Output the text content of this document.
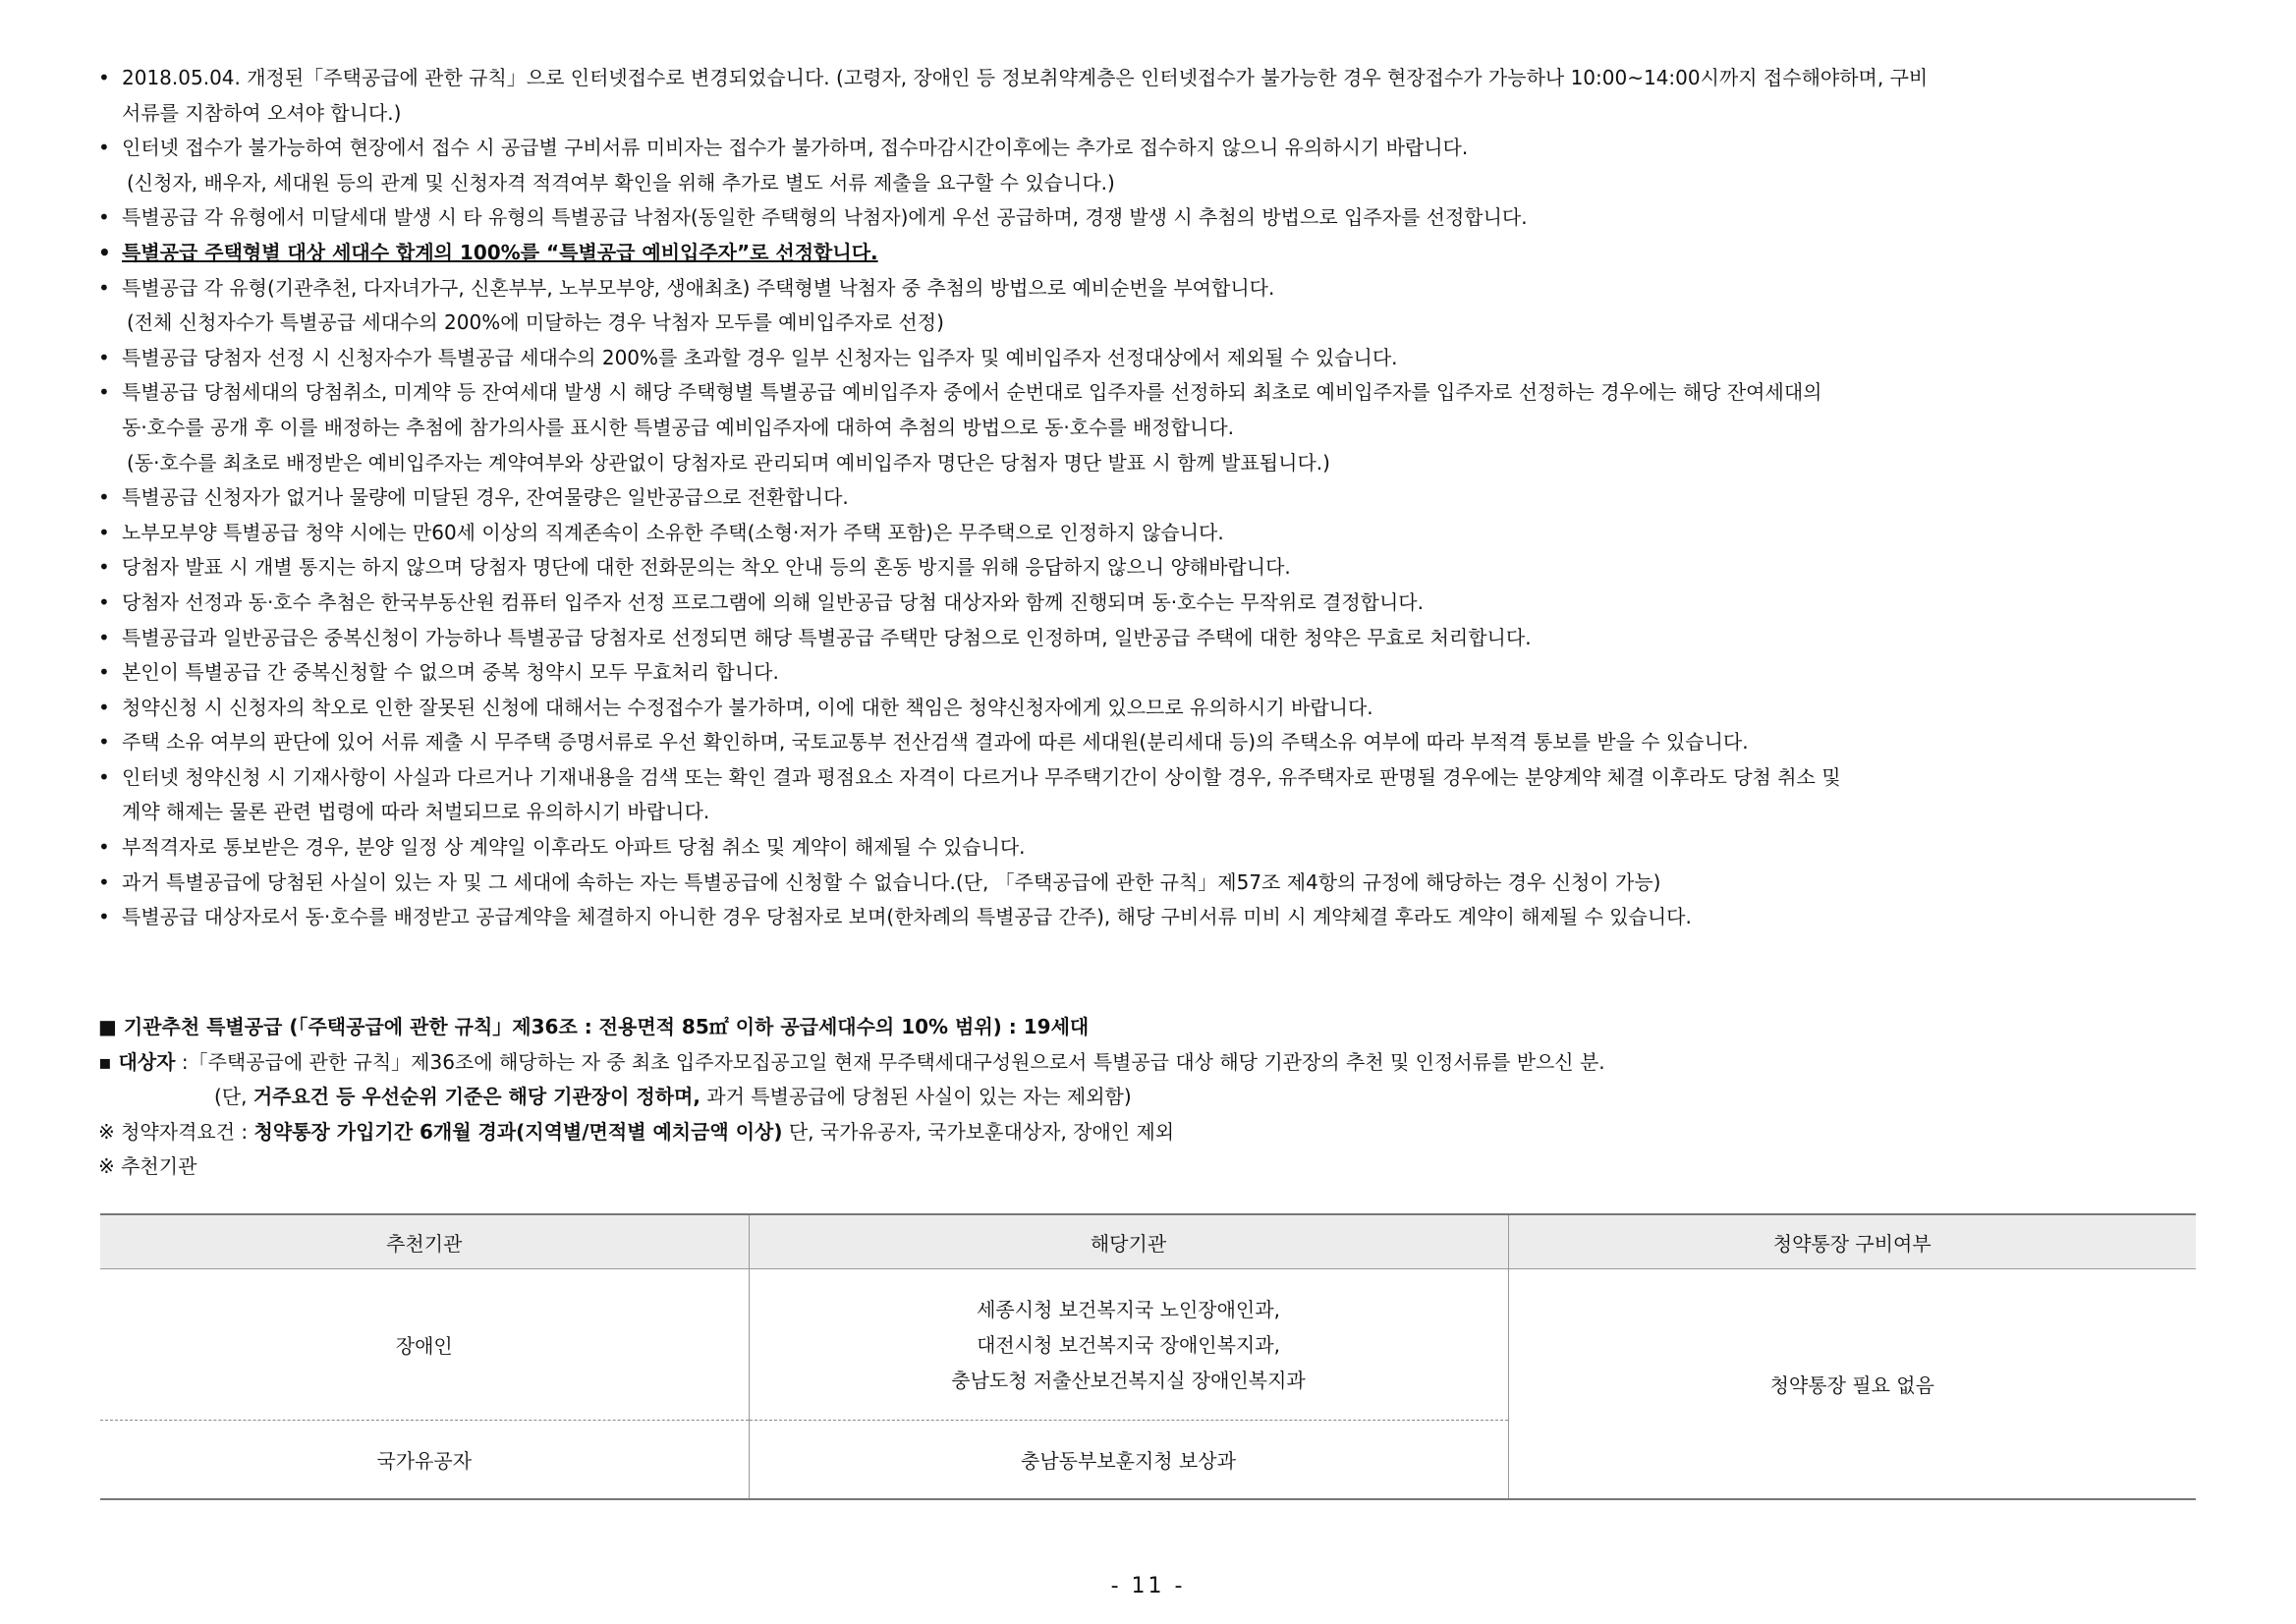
• 2018.05.04. 개정된「주택공급에 관한 규칙」으로 인터넷접수로 변경되었습니다. (고령자, 장애인 등 정보취약계층은 인터넷접수가 불가능한 경우 현장접수가 가능하나 10:00~14:00시까지 접수해야하며, 구비
서류를 지참하여 오셔야 합니다.)
• 인터넷 접수가 불가능하여 현장에서 접수 시 공급별 구비서류 미비자는 접수가 불가하며, 접수마감시간이후에는 추가로 접수하지 않으니 유의하시기 바랍니다.
(신청자, 배우자, 세대원 등의 관계 및 신청자격 적격여부 확인을 위해 추가로 별도 서류 제출을 요구할 수 있습니다.)
• 특별공급 각 유형에서 미달세대 발생 시 타 유형의 특별공급 낙첨자(동일한 주택형의 낙첨자)에게 우선 공급하며, 경쟁 발생 시 추첨의 방법으로 입주자를 선정합니다.
• 특별공급 주택형별 대상 세대수 합계의 100%를 “특별공급 예비입주자”로 선정합니다.
• 특별공급 각 유형(기관추천, 다자녀가구, 신혼부부, 노부모부양, 생애최초) 주택형별 낙첨자 중 추첨의 방법으로 예비순번을 부여합니다.
(전체 신청자수가 특별공급 세대수의 200%에 미달하는 경우 낙첨자 모두를 예비입주자로 선정)
• 특별공급 당첨자 선정 시 신청자수가 특별공급 세대수의 200%를 초과할 경우 일부 신청자는 입주자 및 예비입주자 선정대상에서 제외될 수 있습니다.
• 특별공급 당첨세대의 당첨취소, 미계약 등 잔여세대 발생 시 해당 주택형별 특별공급 예비입주자 중에서 순번대로 입주자를 선정하되 최초로 예비입주자를 입주자로 선정하는 경우에는 해당 잔여세대의
동·호수를 공개 후 이를 배정하는 추첨에 참가의사를 표시한 특별공급 예비입주자에 대하여 추첨의 방법으로 동·호수를 배정합니다.
(동·호수를 최초로 배정받은 예비입주자는 계약여부와 상관없이 당첨자로 관리되며 예비입주자 명단은 당첨자 명단 발표 시 함께 발표됩니다.)
• 특별공급 신청자가 없거나 물량에 미달된 경우, 잔여물량은 일반공급으로 전환합니다.
• 노부모부양 특별공급 청약 시에는 만60세 이상의 직계존속이 소유한 주택(소형·저가 주택 포함)은 무주택으로 인정하지 않습니다.
• 당첨자 발표 시 개별 통지는 하지 않으며 당첨자 명단에 대한 전화문의는 착오 안내 등의 혼동 방지를 위해 응답하지 않으니 양해바랍니다.
• 당첨자 선정과 동·호수 추첨은 한국부동산원 컴퓨터 입주자 선정 프로그램에 의해 일반공급 당첨 대상자와 함께 진행되며 동·호수는 무작위로 결정합니다.
• 특별공급과 일반공급은 중복신청이 가능하나 특별공급 당첨자로 선정되면 해당 특별공급 주택만 당첨으로 인정하며, 일반공급 주택에 대한 청약은 무효로 처리합니다.
• 본인이 특별공급 간 중복신청할 수 없으며 중복 청약시 모두 무효처리 합니다.
• 청약신청 시 신청자의 착오로 인한 잘못된 신청에 대해서는 수정접수가 불가하며, 이에 대한 책임은 청약신청자에게 있으므로 유의하시기 바랍니다.
• 주택 소유 여부의 판단에 있어 서류 제출 시 무주택 증명서류로 우선 확인하며, 국토교통부 전산검색 결과에 따른 세대원(분리세대 등)의 주택소유 여부에 따라 부적격 통보를 받을 수 있습니다.
• 인터넷 청약신청 시 기재사항이 사실과 다르거나 기재내용을 검색 또는 확인 결과 평점요소 자격이 다르거나 무주택기간이 상이할 경우, 유주택자로 판명될 경우에는 분양계약 체결 이후라도 당첨 취소 및
계약 해제는 물론 관련 법령에 따라 처벌되므로 유의하시기 바랍니다.
• 부적격자로 통보받은 경우, 분양 일정 상 계약일 이후라도 아파트 당첨 취소 및 계약이 해제될 수 있습니다.
• 과거 특별공급에 당첨된 사실이 있는 자 및 그 세대에 속하는 자는 특별공급에 신청할 수 없습니다.(단, 「주택공급에 관한 규칙」제57조 제4항의 규정에 해당하는 경우 신청이 가능)
• 특별공급 대상자로서 동·호수를 배정받고 공급계약을 체결하지 아니한 경우 당첨자로 보며(한차례의 특별공급 간주), 해당 구비서류 미비 시 계약체결 후라도 계약이 해제될 수 있습니다.
■ 기관추천 특별공급 (「주택공급에 관한 규칙」제36조 : 전용면적 85㎡ 이하 공급세대수의 10% 범위) : 19세대
▪ 대상자 :「주택공급에 관한 규칙」제36조에 해당하는 자 중 최초 입주자모집공고일 현재 무주택세대구성원으로서 특별공급 대상 해당 기관장의 추천 및 인정서류를 받으신 분.
(단, 거주요건 등 우선순위 기준은 해당 기관장이 정하며, 과거 특별공급에 당첨된 사실이 있는 자는 제외함)
※ 청약자격요건 : 청약통장 가입기간 6개월 경과(지역별/면적별 예치금액 이상) 단, 국가유공자, 국가보훈대상자, 장애인 제외
※ 추천기관
추천기관	해당기관	청약통장 구비여부
장애인	세종시청 보건복지국 노인장애인과,
대전시청 보건복지국 장애인복지과,
충남도청 저출산보건복지실 장애인복지과	청약통장 필요 없음
국가유공자	충남동부보훈지청 보상과	
- 11 -
